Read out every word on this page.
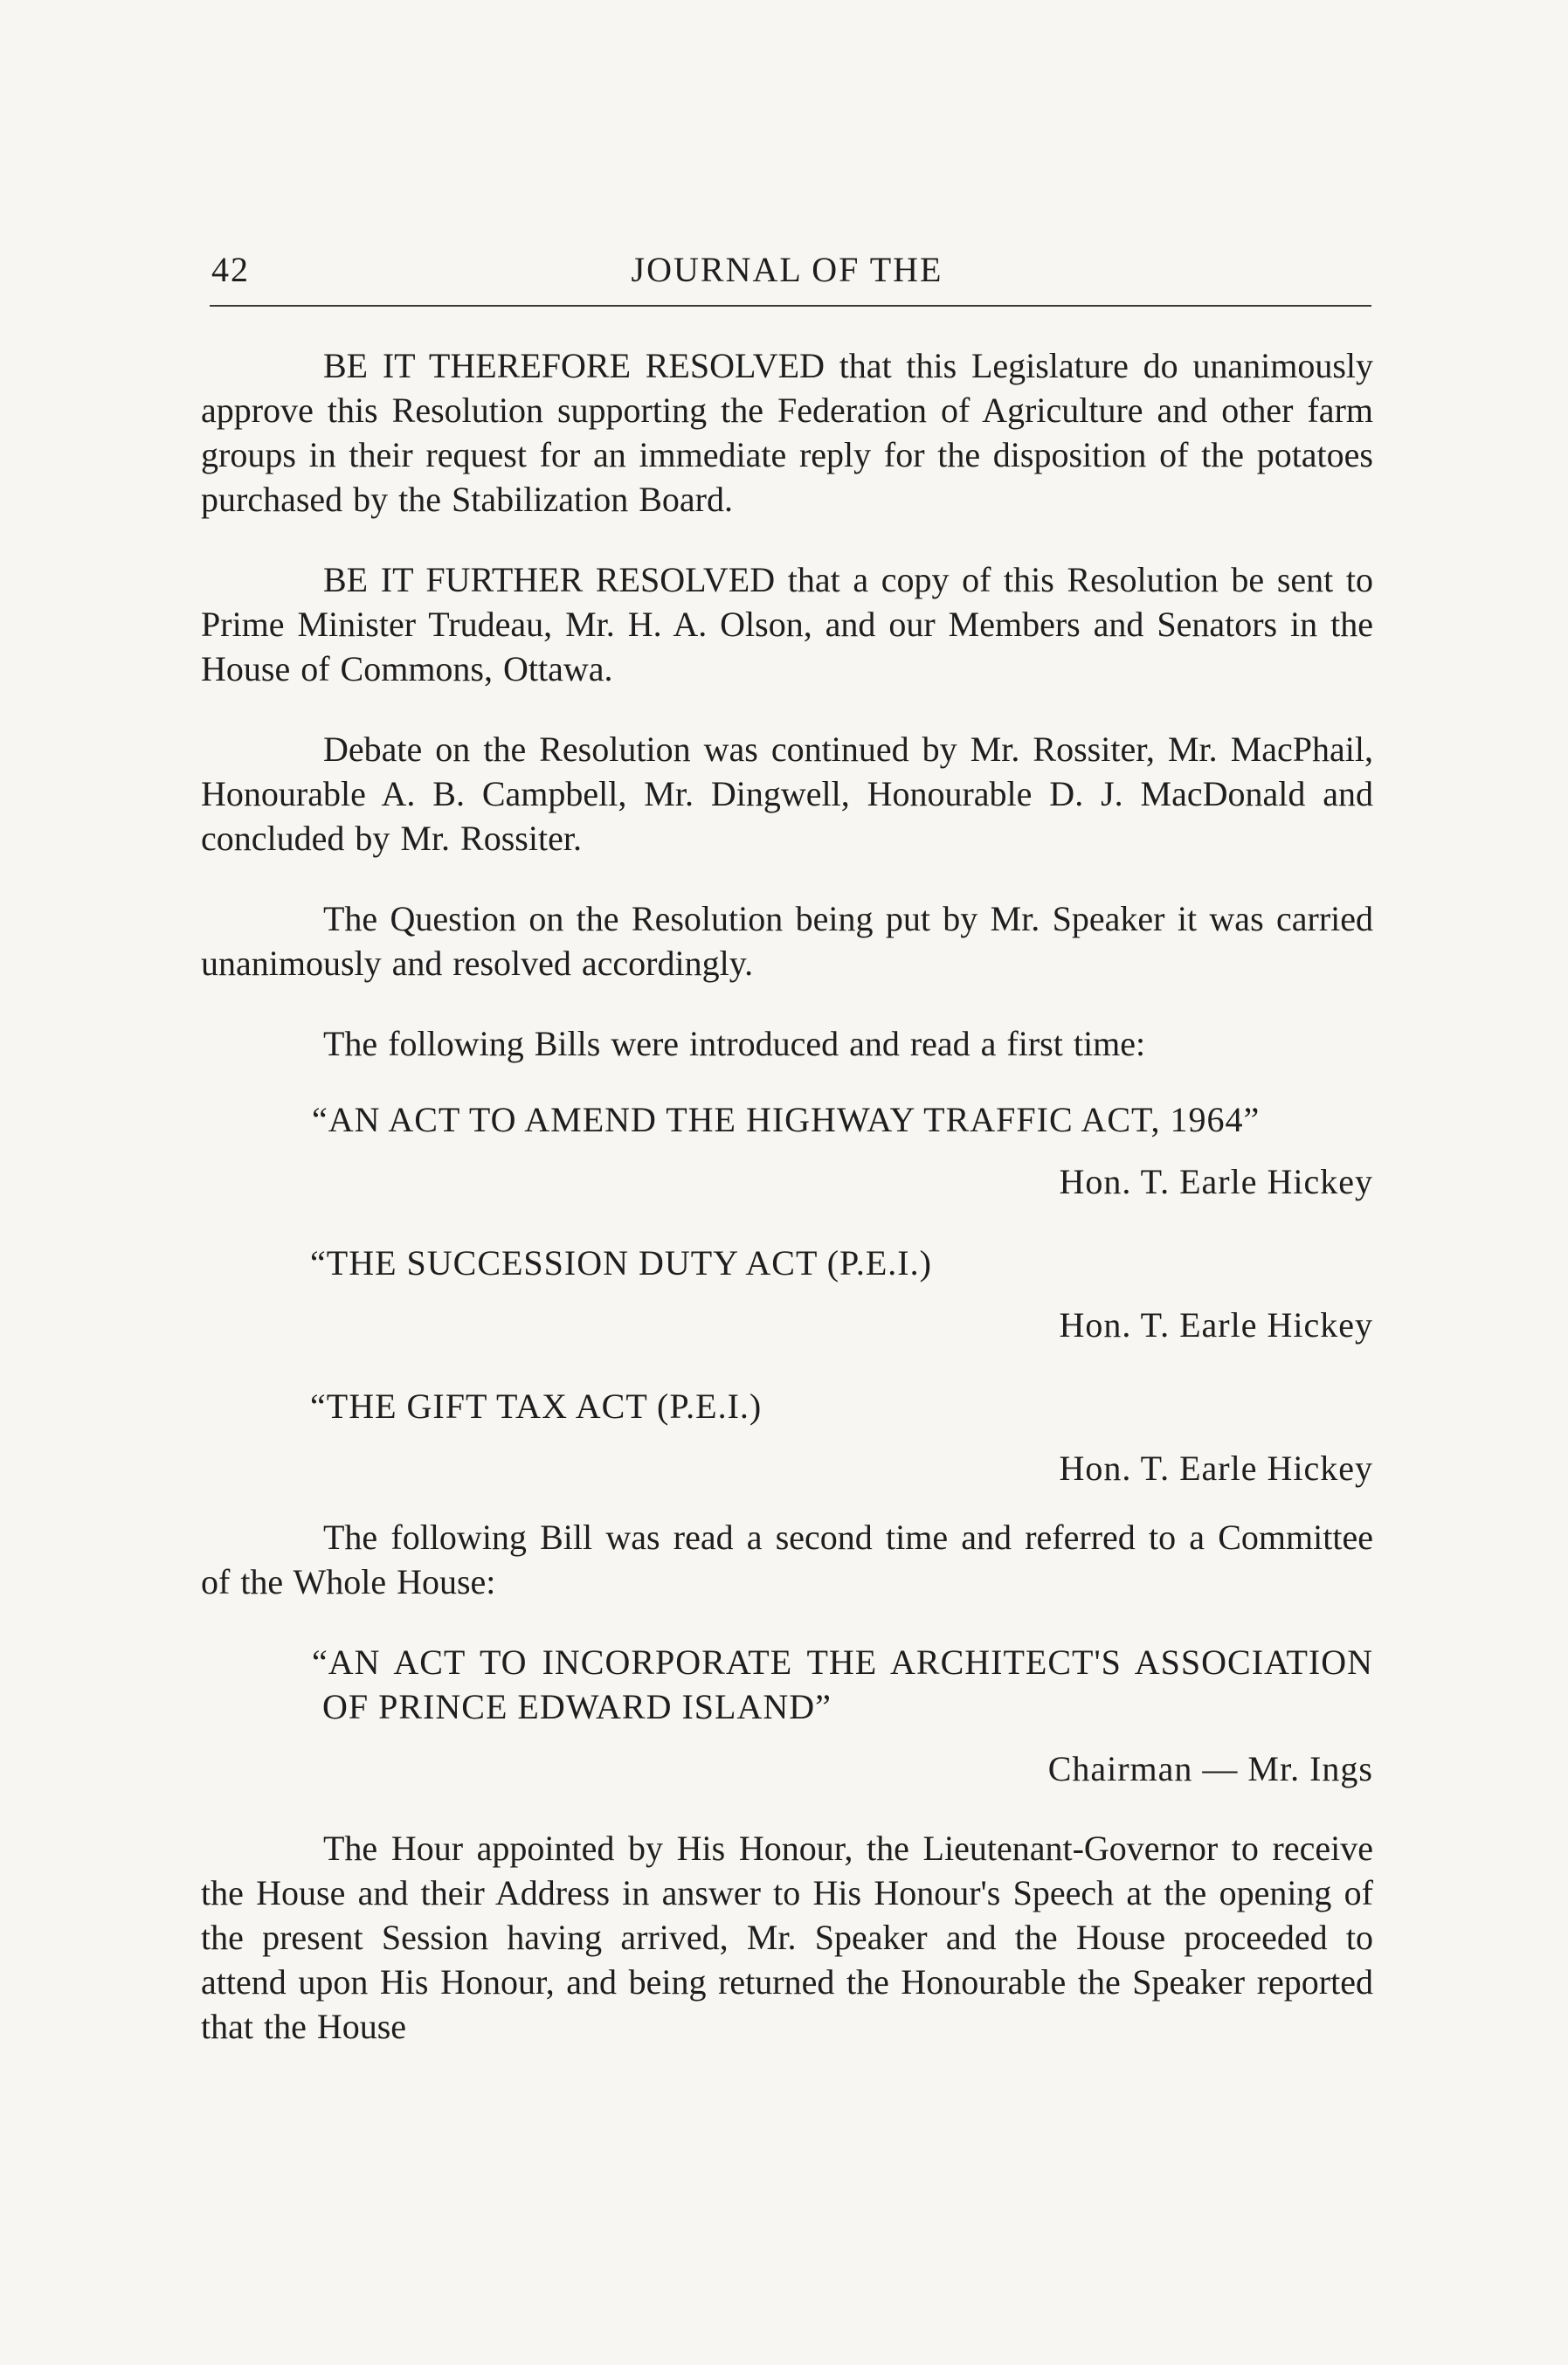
42	JOURNAL OF THE

BE IT THEREFORE RESOLVED that this Legislature do unanimously approve this Resolution supporting the Federation of Agriculture and other farm groups in their request for an immediate reply for the disposition of the potatoes purchased by the Stabilization Board.

BE IT FURTHER RESOLVED that a copy of this Resolution be sent to Prime Minister Trudeau, Mr. H. A. Olson, and our Members and Senators in the House of Commons, Ottawa.

Debate on the Resolution was continued by Mr. Rossiter, Mr. MacPhail, Honourable A. B. Campbell, Mr. Dingwell, Honourable D. J. MacDonald and concluded by Mr. Rossiter.

The Question on the Resolution being put by Mr. Speaker it was carried unanimously and resolved accordingly.

The following Bills were introduced and read a first time:

“AN ACT TO AMEND THE HIGHWAY TRAFFIC ACT, 1964”

Hon. T. Earle Hickey

“THE SUCCESSION DUTY ACT (P.E.I.)

Hon. T. Earle Hickey

“THE GIFT TAX ACT (P.E.I.)

Hon. T. Earle Hickey

The following Bill was read a second time and referred to a Committee of the Whole House:

“AN ACT TO INCORPORATE THE ARCHITECT'S ASSOCIATION OF PRINCE EDWARD ISLAND”

Chairman — Mr. Ings

The Hour appointed by His Honour, the Lieutenant-Governor to receive the House and their Address in answer to His Honour's Speech at the opening of the present Session having arrived, Mr. Speaker and the House proceeded to attend upon His Honour, and being returned the Honourable the Speaker reported that the House
